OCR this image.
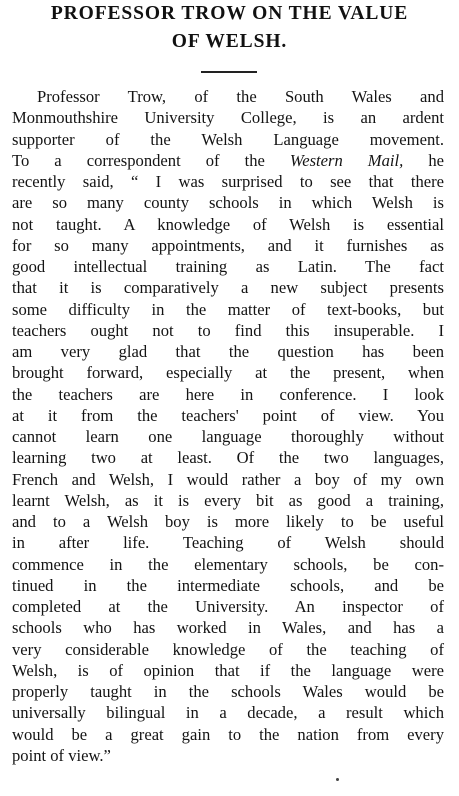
PROFESSOR TROW ON THE VALUE
OF WELSH.
Professor Trow, of the South Wales and
Monmouthshire University College, is an ardent
supporter of the Welsh Language movement.
To a correspondent of the Western Mail, he
recently said, “ I was surprised to see that there
are so many county schools in which Welsh is
not taught. A knowledge of Welsh is essential
for so many appointments, and it furnishes as
good intellectual training as Latin. The fact
that it is comparatively a new subject presents
some difficulty in the matter of text-books, but
teachers ought not to find this insuperable. I
am very glad that the question has been
brought forward, especially at the present, when
the teachers are here in conference. I look
at it from the teachers' point of view. You
cannot learn one language thoroughly without
learning two at least. Of the two languages,
French and Welsh, I would rather a boy of my own
learnt Welsh, as it is every bit as good a training,
and to a Welsh boy is more likely to be useful
in after life. Teaching of Welsh should
commence in the elementary schools, be con-
tinued in the intermediate schools, and be
completed at the University. An inspector of
schools who has worked in Wales, and has a
very considerable knowledge of the teaching of
Welsh, is of opinion that if the language were
properly taught in the schools Wales would be
universally bilingual in a decade, a result which
would be a great gain to the nation from every
point of view.”
